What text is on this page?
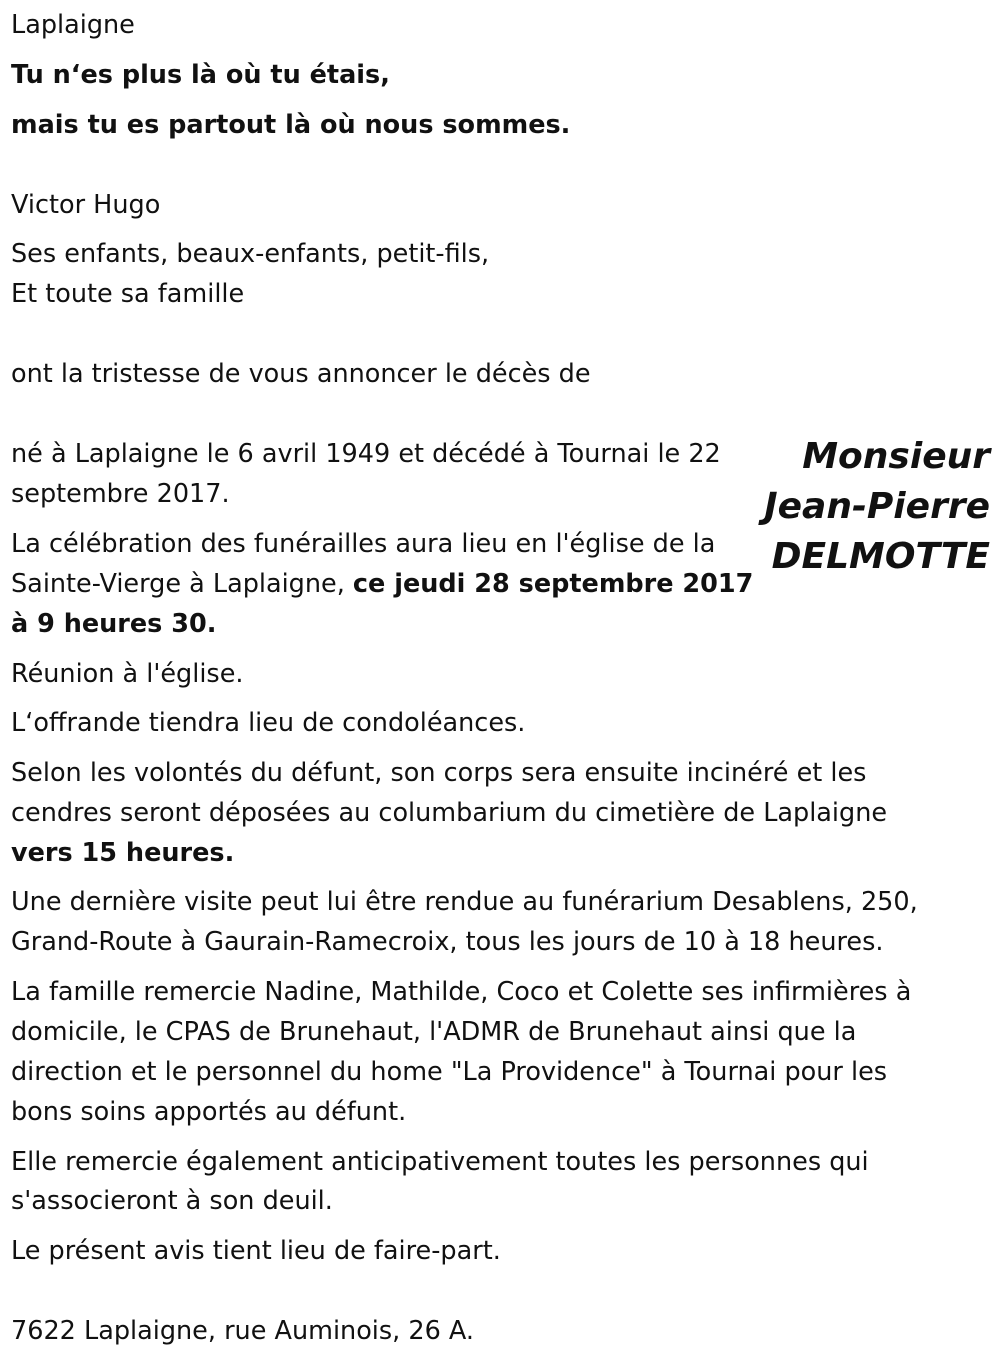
Laplaigne
Tu n‘es plus là où tu étais,
mais tu es partout là où nous sommes.
Victor Hugo
Ses enfants, beaux-enfants, petit-fils,
Et toute sa famille
ont la tristesse de vous annoncer le décès de
Monsieur
Jean-Pierre
DELMOTTE
né à Laplaigne le 6 avril 1949 et décédé à Tournai le 22
septembre 2017.
La célébration des funérailles aura lieu en l'église de la
Sainte-Vierge à Laplaigne, ce jeudi 28 septembre 2017
à 9 heures 30.
Réunion à l'église.
L‘offrande tiendra lieu de condoléances.
Selon les volontés du défunt, son corps sera ensuite incinéré et les
cendres seront déposées au columbarium du cimetière de Laplaigne
vers 15 heures.
Une dernière visite peut lui être rendue au funérarium Desablens, 250,
Grand-Route à Gaurain-Ramecroix, tous les jours de 10 à 18 heures.
La famille remercie Nadine, Mathilde, Coco et Colette ses infirmières à
domicile, le CPAS de Brunehaut, l'ADMR de Brunehaut ainsi que la
direction et le personnel du home "La Providence" à Tournai pour les
bons soins apportés au défunt.
Elle remercie également anticipativement toutes les personnes qui
s'associeront à son deuil.
Le présent avis tient lieu de faire-part.
7622 Laplaigne, rue Auminois, 26 A.
